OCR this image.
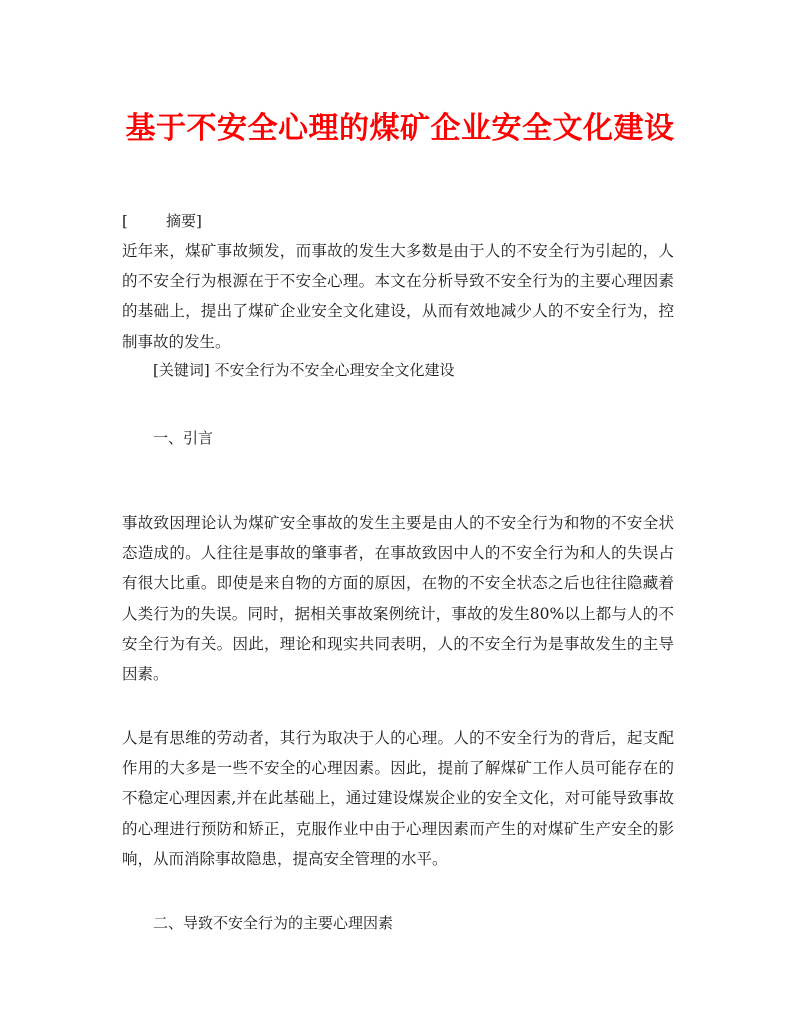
基于不安全心理的煤矿企业安全文化建设
[        摘要]

近年来，煤矿事故频发，而事故的发生大多数是由于人的不安全行为引起的，人的不安全行为根源在于不安全心理。本文在分析导致不安全行为的主要心理因素的基础上，提出了煤矿企业安全文化建设，从而有效地减少人的不安全行为，控制事故的发生。

[关键词] 不安全行为不安全心理安全文化建设
一、引言

事故致因理论认为煤矿安全事故的发生主要是由人的不安全行为和物的不安全状态造成的。人往往是事故的肇事者，在事故致因中人的不安全行为和人的失误占有很大比重。即使是来自物的方面的原因，在物的不安全状态之后也往往隐藏着人类行为的失误。同时，据相关事故案例统计，事故的发生80%以上都与人的不安全行为有关。因此，理论和现实共同表明，人的不安全行为是事故发生的主导因素。

人是有思维的劳动者，其行为取决于人的心理。人的不安全行为的背后，起支配作用的大多是一些不安全的心理因素。因此，提前了解煤矿工作人员可能存在的不稳定心理因素,并在此基础上，通过建设煤炭企业的安全文化，对可能导致事故的心理进行预防和矫正，克服作业中由于心理因素而产生的对煤矿生产安全的影响，从而消除事故隐患，提高安全管理的水平。

二、导致不安全行为的主要心理因素
